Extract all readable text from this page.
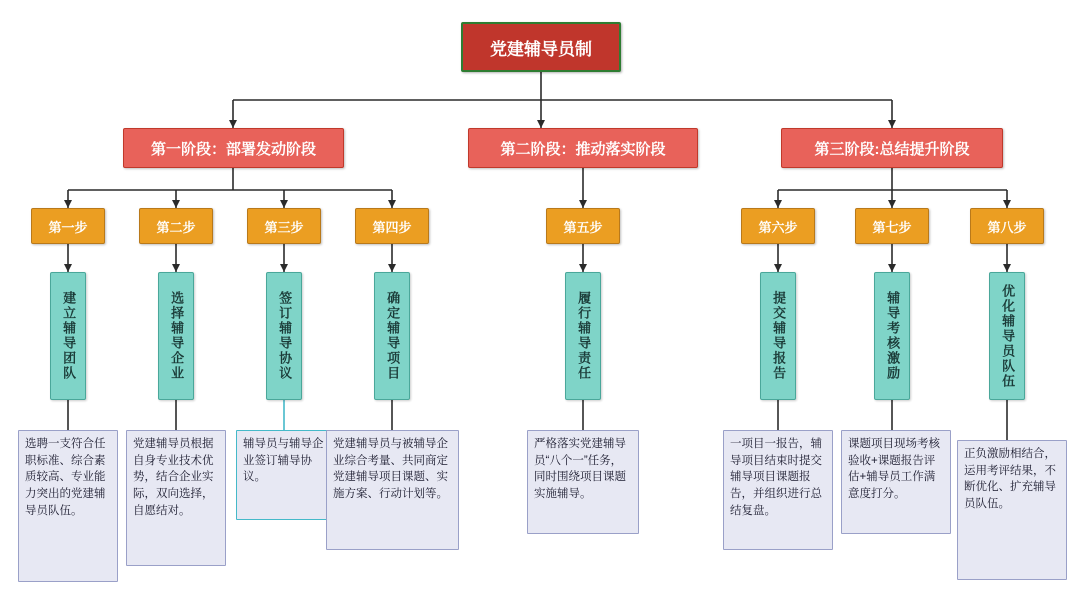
党建辅导员制
第一阶段：部署发动阶段	第二阶段：推动落实阶段	第三阶段:总结提升阶段
第一步	第二步	第三步	第四步	第五步	第六步	第七步	第八步
建立辅导团队	选择辅导企业	签订辅导协议	确定辅导项目	履行辅导责任	提交辅导报告	辅导考核激励	优化辅导员队伍
选聘一支符合任职标准、综合素质较高、专业能力突出的党建辅导员队伍。
党建辅导员根据自身专业技术优势，结合企业实际，双向选择，自愿结对。
辅导员与辅导企业签订辅导协议。
党建辅导员与被辅导企业综合考量、共同商定党建辅导项目课题、实施方案、行动计划等。
严格落实党建辅导员“八个一”任务，同时围绕项目课题实施辅导。
一项目一报告，辅导项目结束时提交辅导项目课题报告，并组织进行总结复盘。
课题项目现场考核验收+课题报告评估+辅导员工作满意度打分。
正负激励相结合，运用考评结果，不断优化、扩充辅导员队伍。
